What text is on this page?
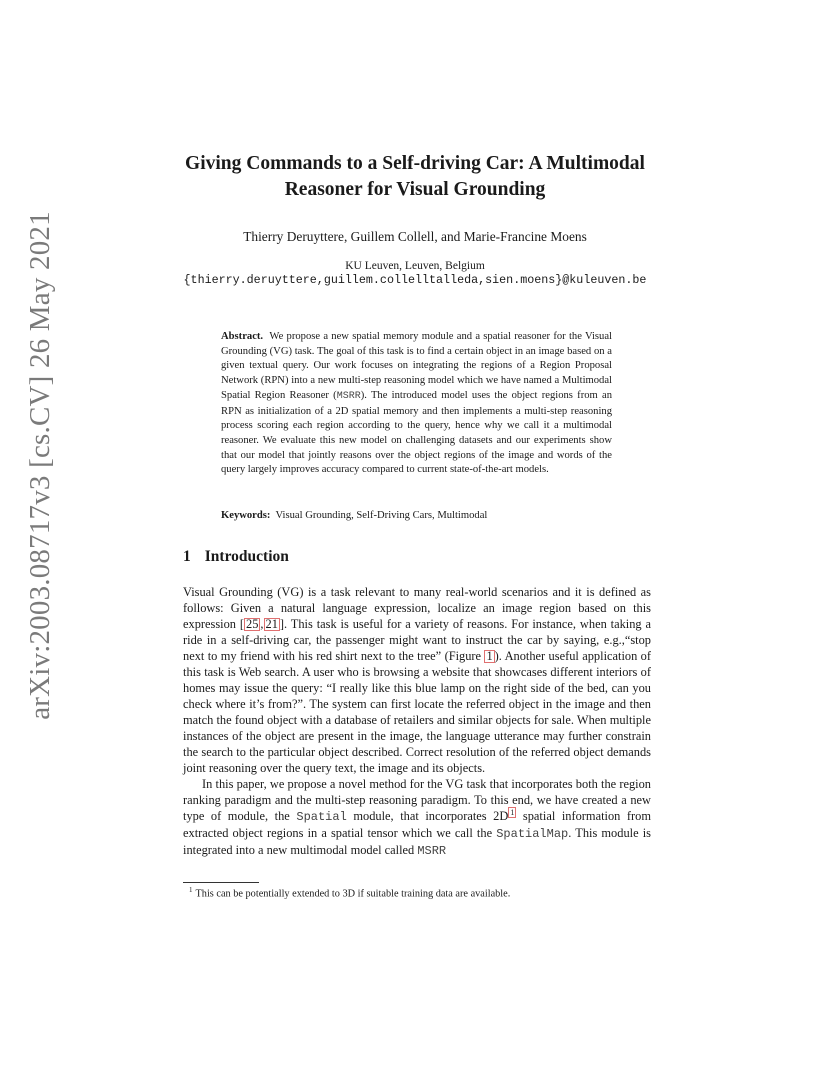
arXiv:2003.08717v3 [cs.CV] 26 May 2021
Giving Commands to a Self-driving Car: A Multimodal
Reasoner for Visual Grounding

Thierry Deruyttere, Guillem Collell, and Marie-Francine Moens

KU Leuven, Leuven, Belgium
{thierry.deruyttere,guillem.collelltalleda,sien.moens}@kuleuven.be

Abstract. We propose a new spatial memory module and a spatial reasoner for the Visual Grounding (VG) task. The goal of this task is to find a certain object in an image based on a given textual query. Our work focuses on integrating the regions of a Region Proposal Network (RPN) into a new multi-step reasoning model which we have named a Multimodal Spatial Region Reasoner (MSRR). The introduced model uses the object regions from an RPN as initialization of a 2D spatial memory and then implements a multi-step reasoning process scoring each region according to the query, hence why we call it a multimodal reasoner. We evaluate this new model on challenging datasets and our experiments show that our model that jointly reasons over the object regions of the image and words of the query largely improves accuracy compared to current state-of-the-art models.

Keywords: Visual Grounding, Self-Driving Cars, Multimodal

1 Introduction

Visual Grounding (VG) is a task relevant to many real-world scenarios and it is defined as follows: Given a natural language expression, localize an image region based on this expression [ 25 , 21 ]. This task is useful for a variety of reasons. For instance, when taking a ride in a self-driving car, the passenger might want to instruct the car by saying, e.g.,“stop next to my friend with his red shirt next to the tree” (Figure 1 ). Another useful application of this task is Web search. A user who is browsing a website that showcases different interiors of homes may issue the query: “I really like this blue lamp on the right side of the bed, can you check where it’s from?”. The system can first locate the referred object in the image and then match the found object with a database of retailers and similar objects for sale. When multiple instances of the object are present in the image, the language utterance may further constrain the search to the particular object described. Correct resolution of the referred object demands joint reasoning over the query text, the image and its objects.

In this paper, we propose a novel method for the VG task that incorporates both the region ranking paradigm and the multi-step reasoning paradigm. To this end, we have created a new type of module, the Spatial module, that incorporates 2D $^1$ spatial information from extracted object regions in a spatial tensor which we call the SpatialMap. This module is integrated into a new multimodal model called MSRR

$^1$ This can be potentially extended to 3D if suitable training data are available.
